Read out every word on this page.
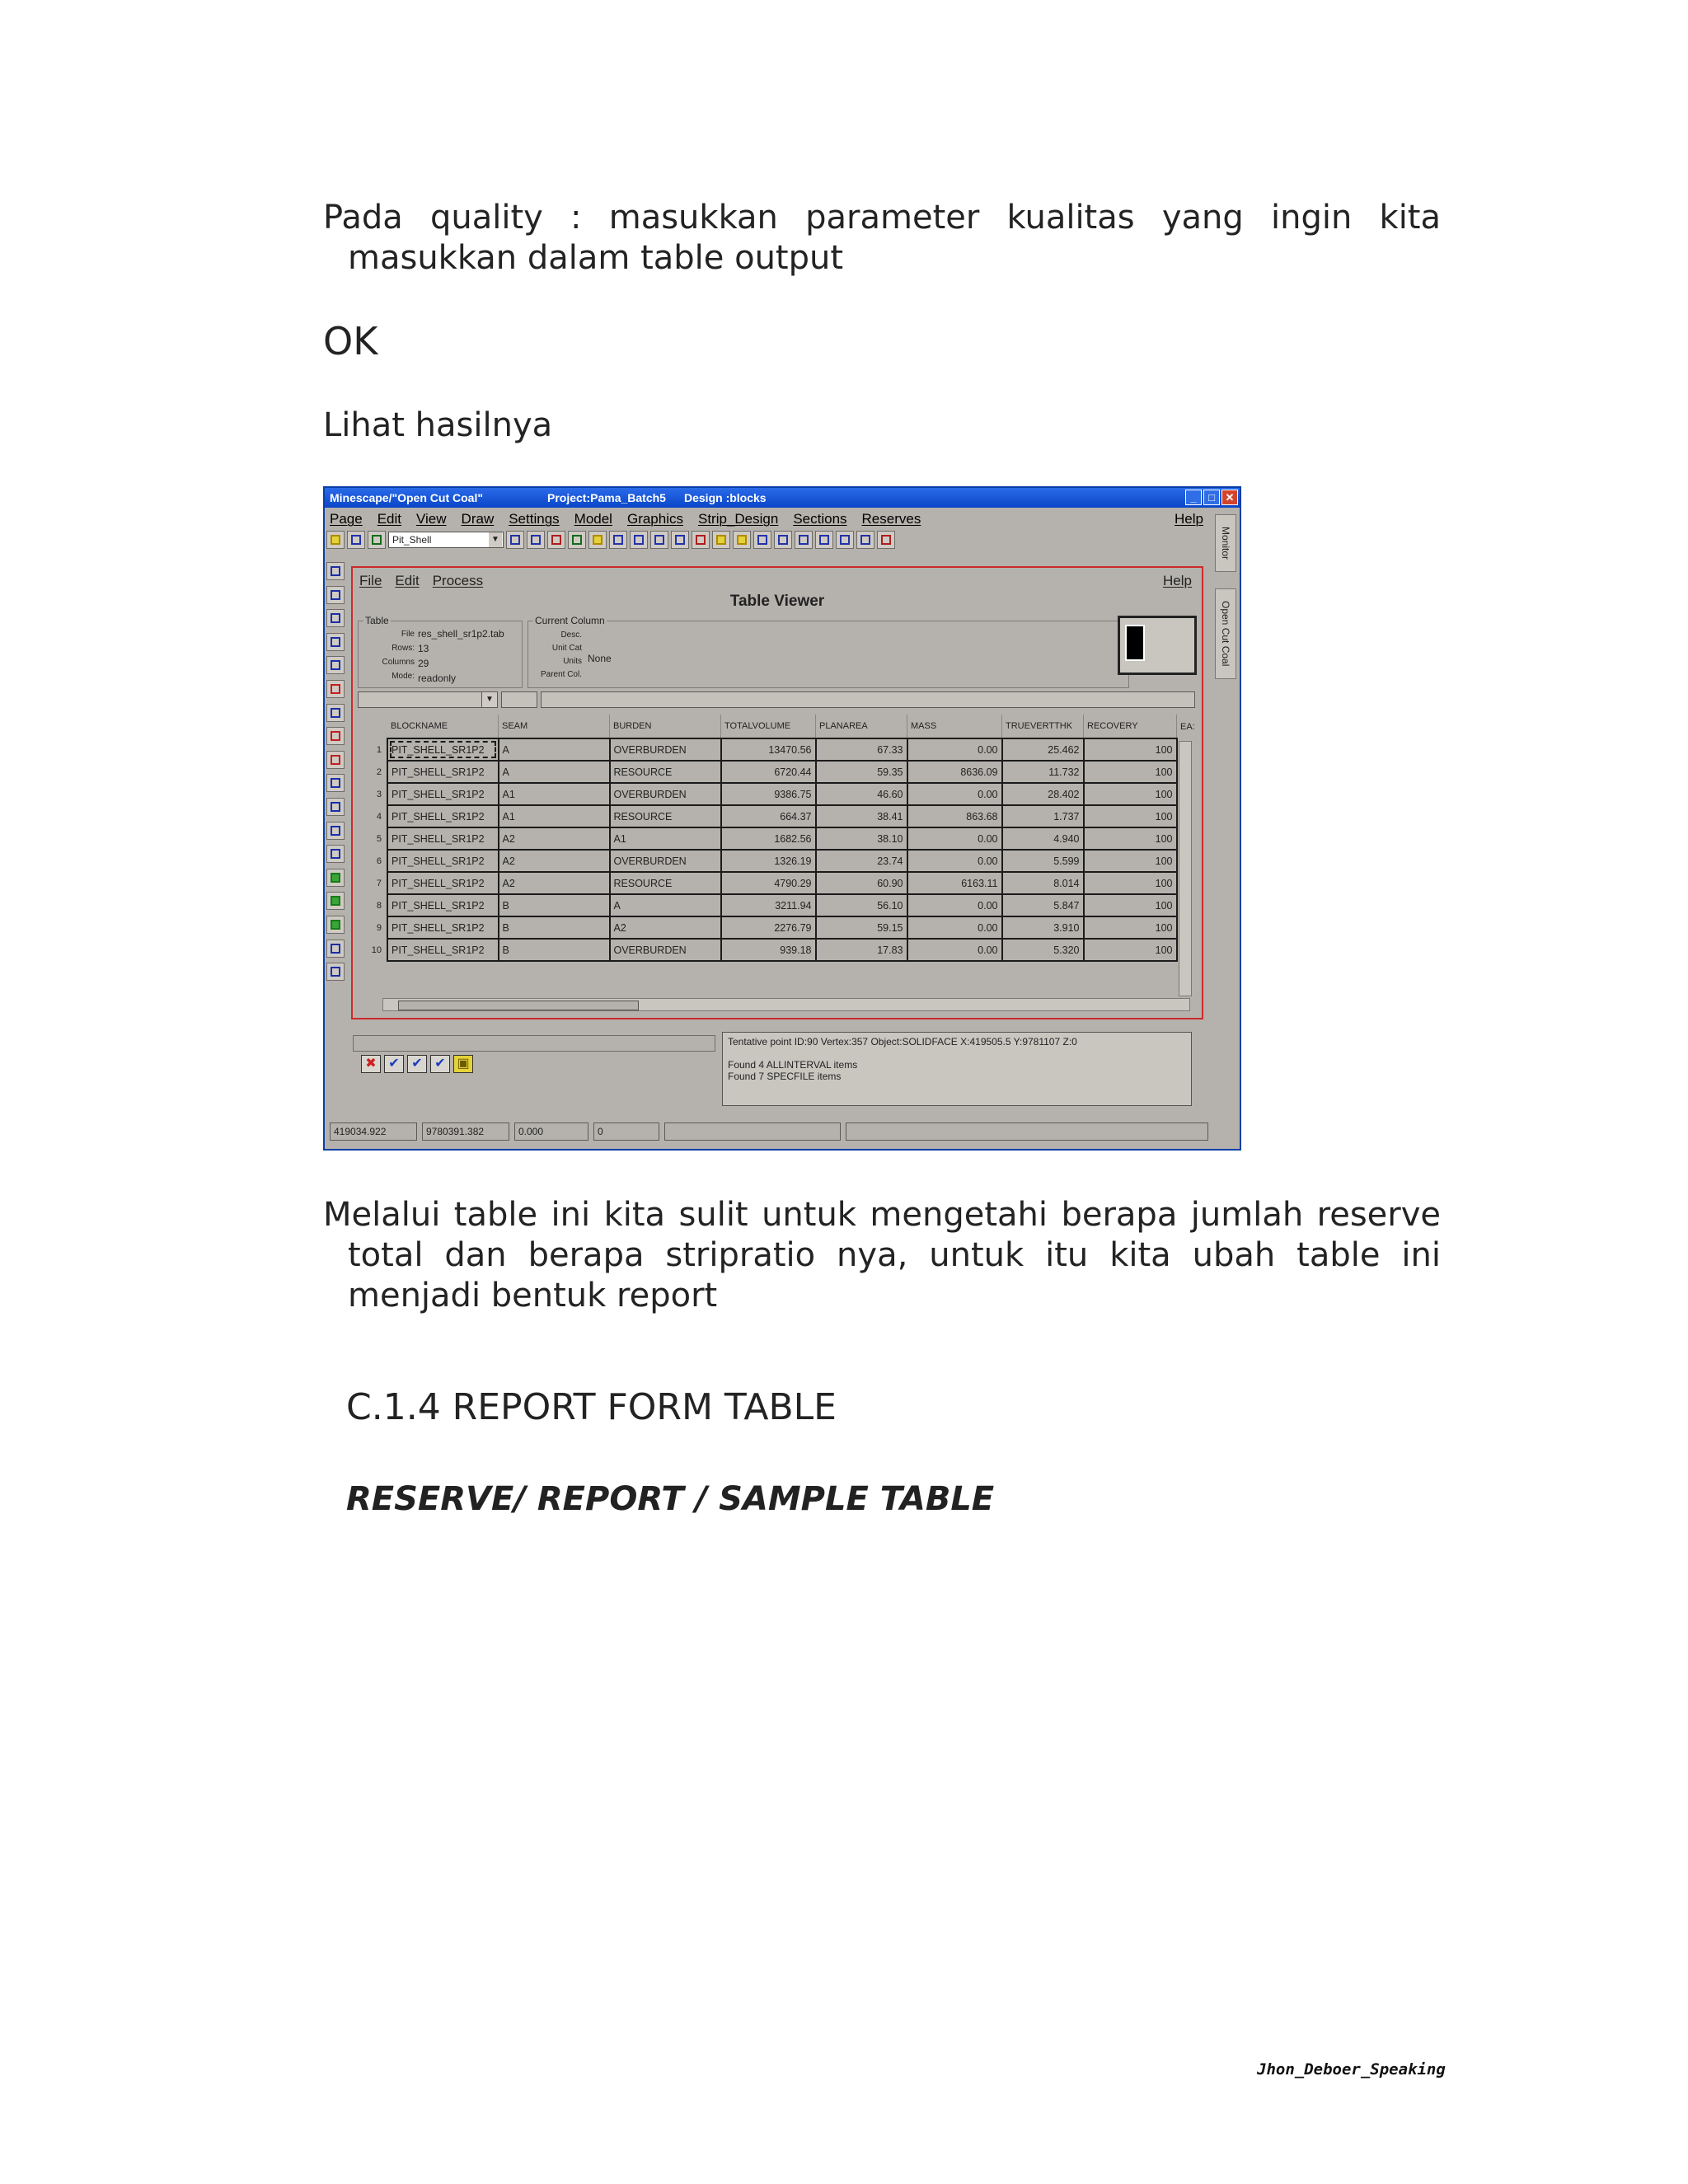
Pada quality : masukkan parameter kualitas yang ingin kita
masukkan dalam table output
OK
Lihat hasilnya
Minescape/"Open Cut Coal"	Project:Pama_Batch5 Design :blocks	_	□ ✕
Page Edit View Draw Settings Model Graphics Strip_Design Sections Reserves	Help
Pit_Shell ▼	Monitor
Open Cut Coal
File Edit Process	Help
Table Viewer
Table
File res_shell_sr1p2.tab
Rows: 13
Columns 29
Mode: readonly
Current Column
Desc.
Unit Cat
Units None
Parent Col.
▼
	BLOCKNAME	SEAM	BURDEN	TOTALVOLUME	PLANAREA	MASS	TRUEVERTTHK	RECOVERY	EA:
1	PIT_SHELL_SR1P2	A	OVERBURDEN	13470.56	67.33	0.00	25.462	100	
2	PIT_SHELL_SR1P2	A	RESOURCE	6720.44	59.35	8636.09	11.732	100	
3	PIT_SHELL_SR1P2	A1	OVERBURDEN	9386.75	46.60	0.00	28.402	100	
4	PIT_SHELL_SR1P2	A1	RESOURCE	664.37	38.41	863.68	1.737	100	
5	PIT_SHELL_SR1P2	A2	A1	1682.56	38.10	0.00	4.940	100	
6	PIT_SHELL_SR1P2	A2	OVERBURDEN	1326.19	23.74	0.00	5.599	100	
7	PIT_SHELL_SR1P2	A2	RESOURCE	4790.29	60.90	6163.11	8.014	100	
8	PIT_SHELL_SR1P2	B	A	3211.94	56.10	0.00	5.847	100	
9	PIT_SHELL_SR1P2	B	A2	2276.79	59.15	0.00	3.910	100	
10	PIT_SHELL_SR1P2	B	OVERBURDEN	939.18	17.83	0.00	5.320	100	
✖ ✔ ✔ ✔ ▣
Tentative point ID:90 Vertex:357 Object:SOLIDFACE X:419505.5 Y:9781107 Z:0
Found 4 ALLINTERVAL items
Found 7 SPECFILE items
419034.922	9780391.382	0.000	0
Melalui table ini kita sulit untuk mengetahi berapa jumlah reserve
total dan berapa stripratio nya, untuk itu kita ubah table ini
menjadi bentuk report
C.1.4 REPORT FORM TABLE
RESERVE/ REPORT / SAMPLE TABLE
Jhon_Deboer_Speaking
